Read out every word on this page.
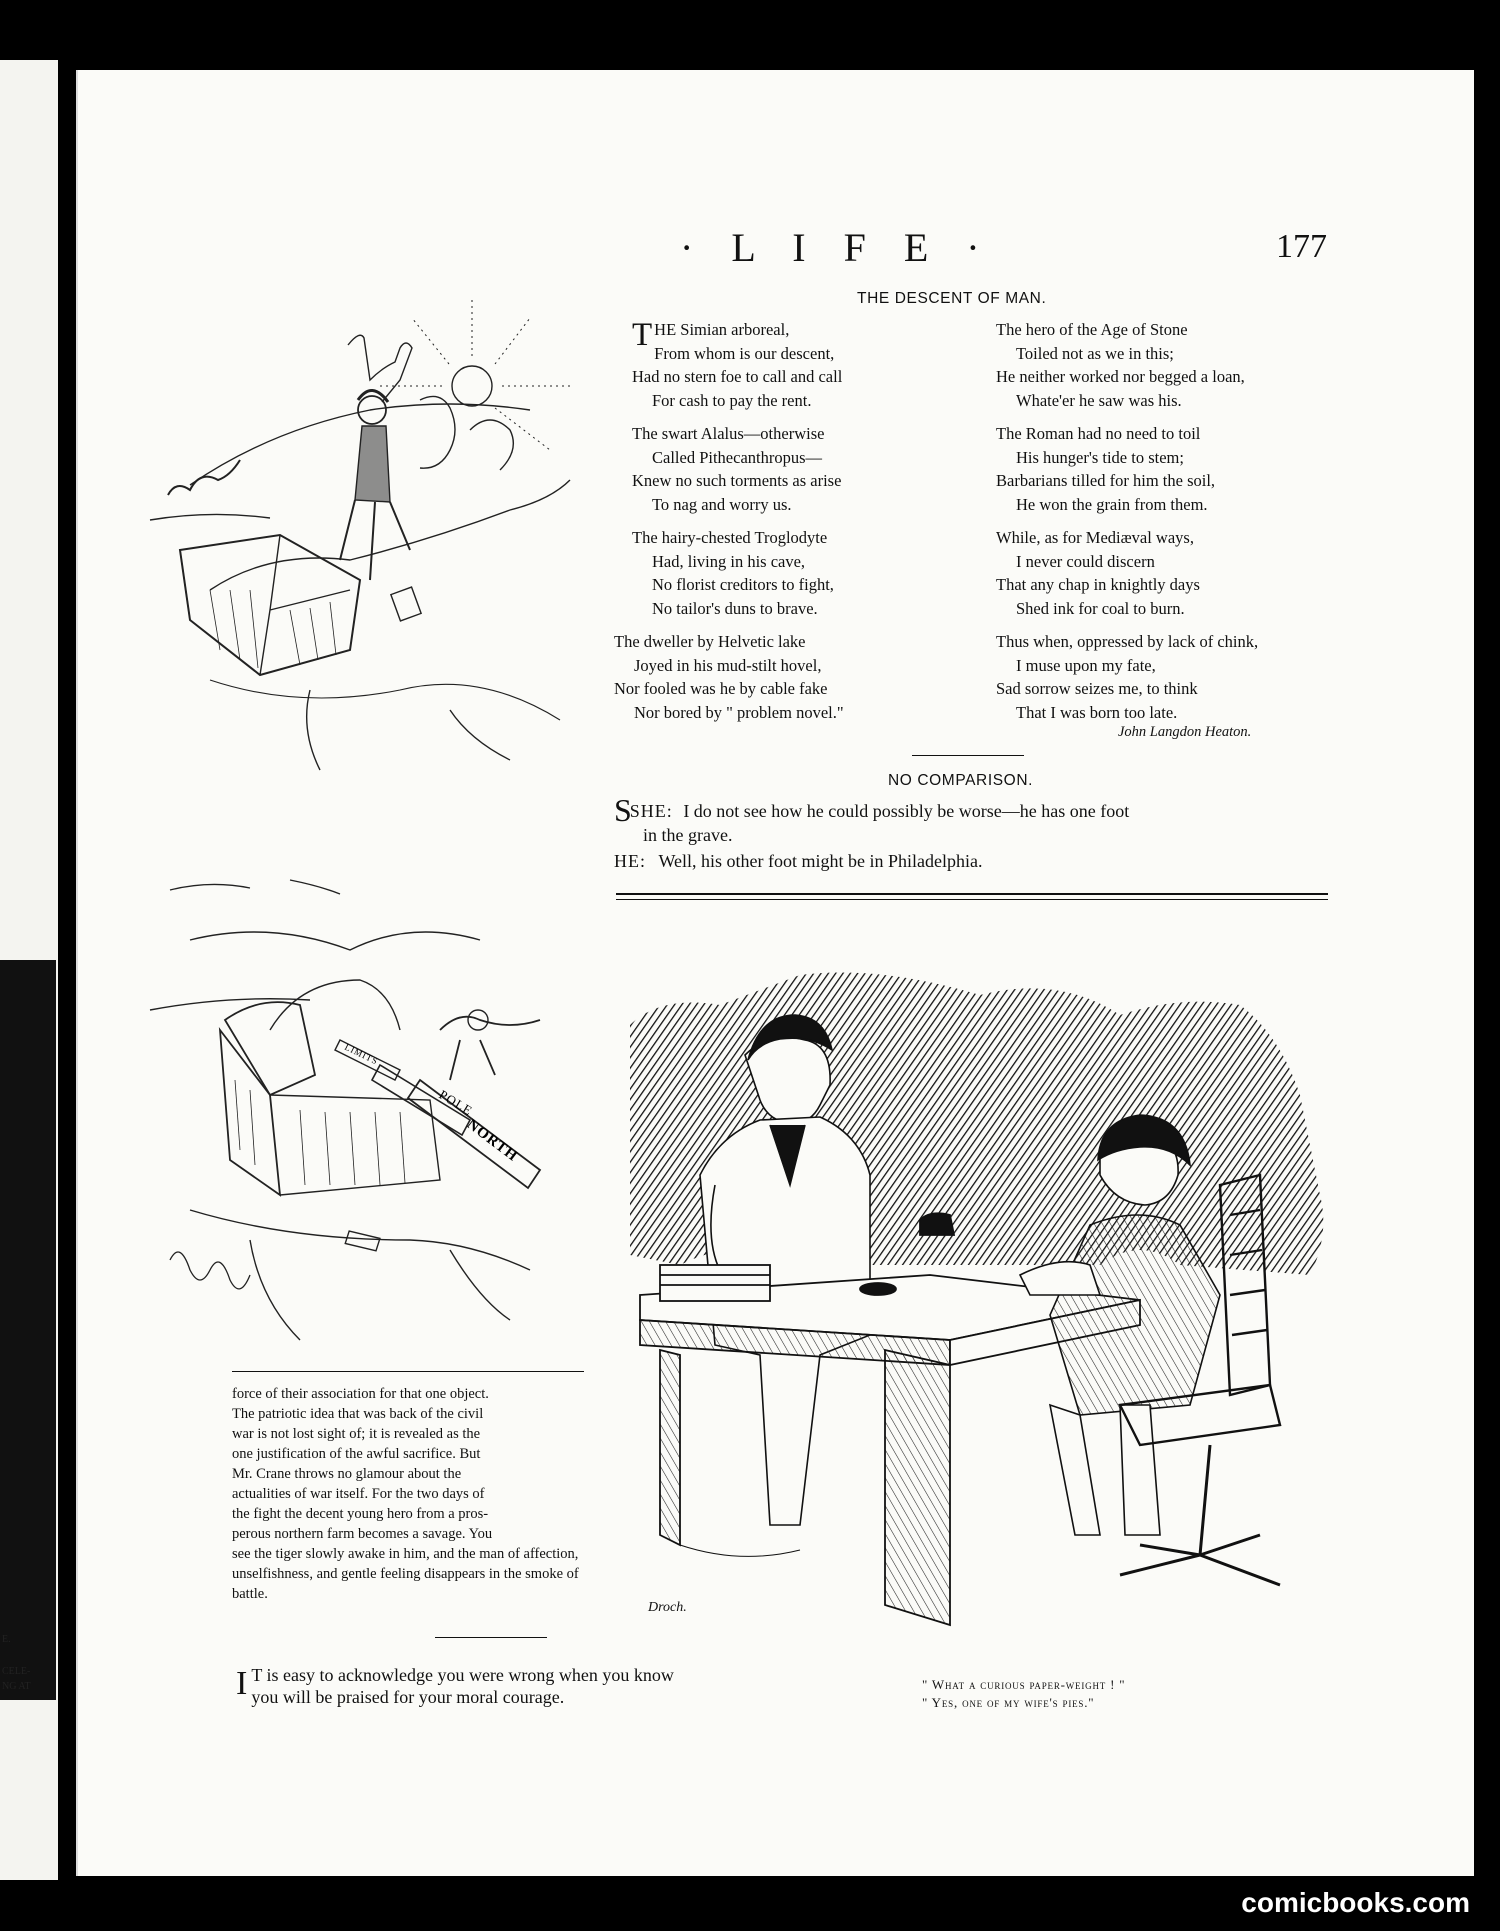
E.
CELE-
NG AT
· L I F E ·	177
THE DESCENT OF MAN.
THE Simian arboreal,
From whom is our descent,
Had no stern foe to call and call
For cash to pay the rent.
The swart Alalus—otherwise
Called Pithecanthropus—
Knew no such torments as arise
To nag and worry us.
The hairy-chested Troglodyte
Had, living in his cave,
No florist creditors to fight,
No tailor's duns to brave.
The dweller by Helvetic lake
Joyed in his mud-stilt hovel,
Nor fooled was he by cable fake
Nor bored by " problem novel."
The hero of the Age of Stone
Toiled not as we in this;
He neither worked nor begged a loan,
Whate'er he saw was his.
The Roman had no need to toil
His hunger's tide to stem;
Barbarians tilled for him the soil,
He won the grain from them.
While, as for Mediæval ways,
I never could discern
That any chap in knightly days
Shed ink for coal to burn.
Thus when, oppressed by lack of chink,
I muse upon my fate,
Sad sorrow seizes me, to think
That I was born too late.
John Langdon Heaton.
NO COMPARISON.
SSHE: I do not see how he could possibly be worse—he has one foot
in the grave.
HE: Well, his other foot might be in Philadelphia.
POLE
NORTH
LIMITS
force of their association for that one object.
The patriotic idea that was back of the civil
war is not lost sight of; it is revealed as the
one justification of the awful sacrifice. But
Mr. Crane throws no glamour about the
actualities of war itself. For the two days of
the fight the decent young hero from a pros-
perous northern farm becomes a savage. You
see the tiger slowly awake in him, and the man of affection,
unselfishness, and gentle feeling disappears in the smoke of
battle.
Droch.
I T is easy to acknowledge you were wrong when you know
you will be praised for your moral courage.
" What a curious paper-weight ! "
" Yes, one of my wife's pies."
comicbooks.com
